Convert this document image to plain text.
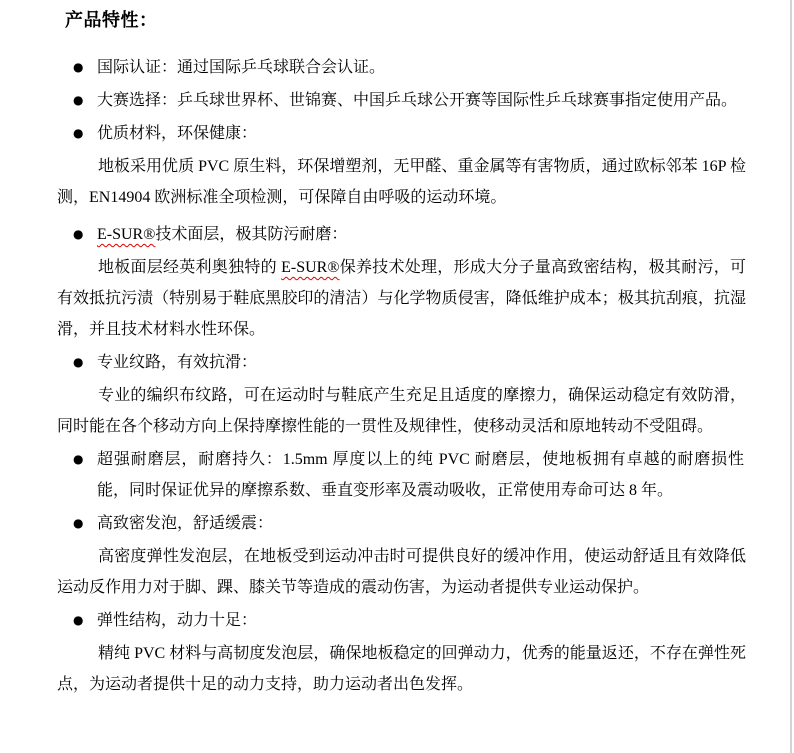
产品特性：
● 国际认证：通过国际乒乓球联合会认证。
● 大赛选择：乒乓球世界杯、世锦赛、中国乒乓球公开赛等国际性乒乓球赛事指定使用产品。
● 优质材料，环保健康：
地板采用优质 PVC 原生料，环保增塑剂，无甲醛、重金属等有害物质，通过欧标邻苯 16P 检测，EN14904 欧洲标准全项检测，可保障自由呼吸的运动环境。
● E-SUR®技术面层，极其防污耐磨：
地板面层经英利奥独特的 E-SUR®保养技术处理，形成大分子量高致密结构，极其耐污，可有效抵抗污渍（特别易于鞋底黑胶印的清洁）与化学物质侵害，降低维护成本；极其抗刮痕，抗湿滑，并且技术材料水性环保。
● 专业纹路，有效抗滑：
专业的编织布纹路，可在运动时与鞋底产生充足且适度的摩擦力，确保运动稳定有效防滑，同时能在各个移动方向上保持摩擦性能的一贯性及规律性，使移动灵活和原地转动不受阻碍。
● 超强耐磨层，耐磨持久：1.5mm 厚度以上的纯 PVC 耐磨层，使地板拥有卓越的耐磨损性能，同时保证优异的摩擦系数、垂直变形率及震动吸收，正常使用寿命可达 8 年。
● 高致密发泡，舒适缓震：
高密度弹性发泡层，在地板受到运动冲击时可提供良好的缓冲作用，使运动舒适且有效降低运动反作用力对于脚、踝、膝关节等造成的震动伤害，为运动者提供专业运动保护。
● 弹性结构，动力十足：
精纯 PVC 材料与高韧度发泡层，确保地板稳定的回弹动力，优秀的能量返还，不存在弹性死点，为运动者提供十足的动力支持，助力运动者出色发挥。
